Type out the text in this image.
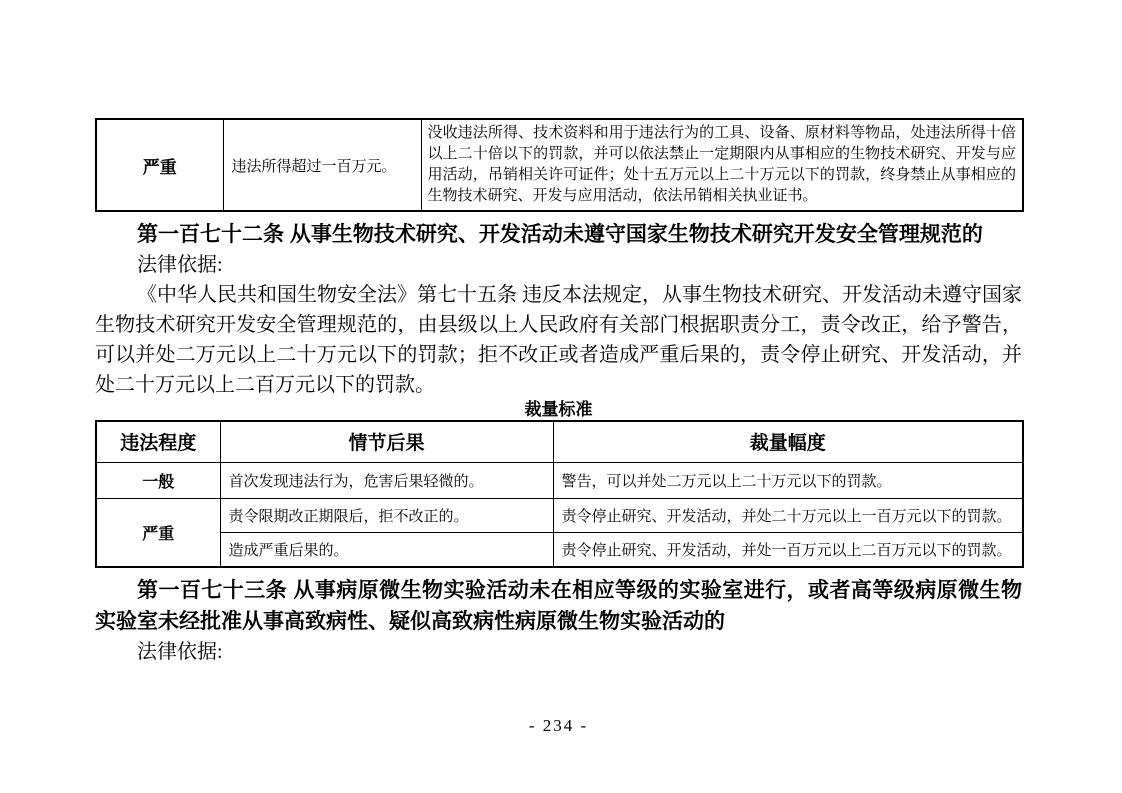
严重	违法所得超过一百万元。	没收违法所得、技术资料和用于违法行为的工具、设备、原材料等物品，处违法所得十倍以上二十倍以下的罚款，并可以依法禁止一定期限内从事相应的生物技术研究、开发与应用活动，吊销相关许可证件；处十五万元以上二十万元以下的罚款，终身禁止从事相应的生物技术研究、开发与应用活动，依法吊销相关执业证书。
第一百七十二条 从事生物技术研究、开发活动未遵守国家生物技术研究开发安全管理规范的
法律依据:
《中华人民共和国生物安全法》第七十五条 违反本法规定，从事生物技术研究、开发活动未遵守国家生物技术研究开发安全管理规范的，由县级以上人民政府有关部门根据职责分工，责令改正，给予警告，可以并处二万元以上二十万元以下的罚款；拒不改正或者造成严重后果的，责令停止研究、开发活动，并处二十万元以上二百万元以下的罚款。
裁量标准
违法程度	情节后果	裁量幅度
一般	首次发现违法行为，危害后果轻微的。	警告，可以并处二万元以上二十万元以下的罚款。
严重	责令限期改正期限后，拒不改正的。	责令停止研究、开发活动，并处二十万元以上一百万元以下的罚款。
	造成严重后果的。	责令停止研究、开发活动，并处一百万元以上二百万元以下的罚款。
第一百七十三条 从事病原微生物实验活动未在相应等级的实验室进行，或者高等级病原微生物实验室未经批准从事高致病性、疑似高致病性病原微生物实验活动的
法律依据:
- 234 -
